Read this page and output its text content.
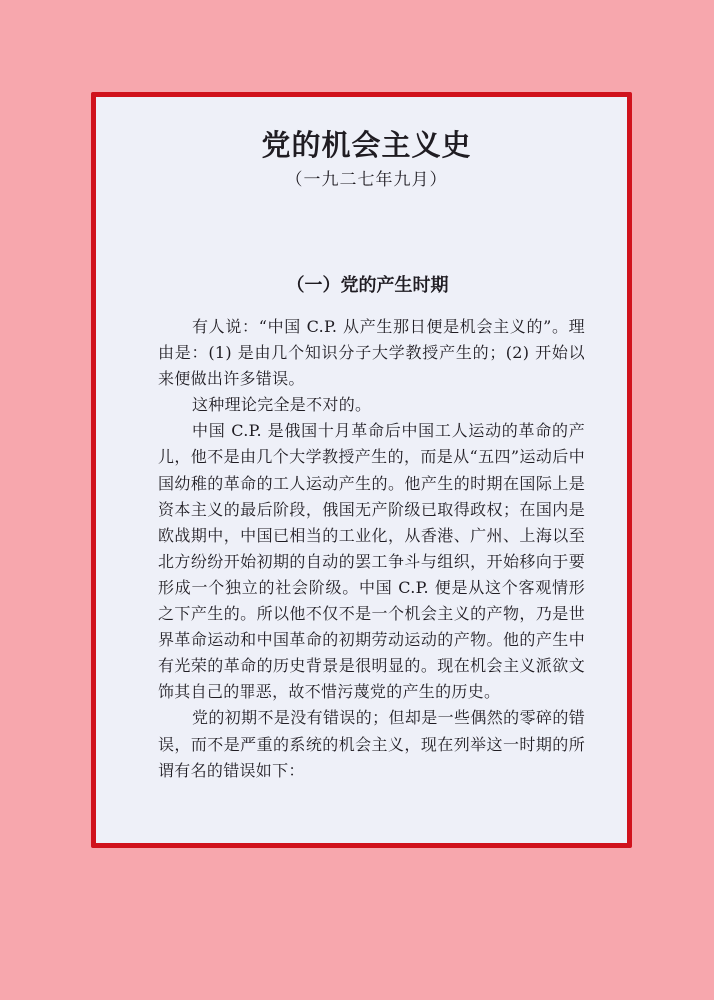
党的机会主义史
（一九二七年九月）
（一）党的产生时期

有人说：“中国 C.P. 从产生那日便是机会主义的”。理由是：(1) 是由几个知识分子大学教授产生的；(2) 开始以来便做出许多错误。

这种理论完全是不对的。

中国 C.P. 是俄国十月革命后中国工人运动的革命的产儿，他不是由几个大学教授产生的，而是从“五四”运动后中国幼稚的革命的工人运动产生的。他产生的时期在国际上是资本主义的最后阶段，俄国无产阶级已取得政权；在国内是欧战期中，中国已相当的工业化，从香港、广州、上海以至北方纷纷开始初期的自动的罢工争斗与组织，开始移向于要形成一个独立的社会阶级。中国 C.P. 便是从这个客观情形之下产生的。所以他不仅不是一个机会主义的产物，乃是世界革命运动和中国革命的初期劳动运动的产物。他的产生中有光荣的革命的历史背景是很明显的。现在机会主义派欲文饰其自己的罪恶，故不惜污蔑党的产生的历史。

党的初期不是没有错误的；但却是一些偶然的零碎的错误，而不是严重的系统的机会主义，现在列举这一时期的所谓有名的错误如下：
